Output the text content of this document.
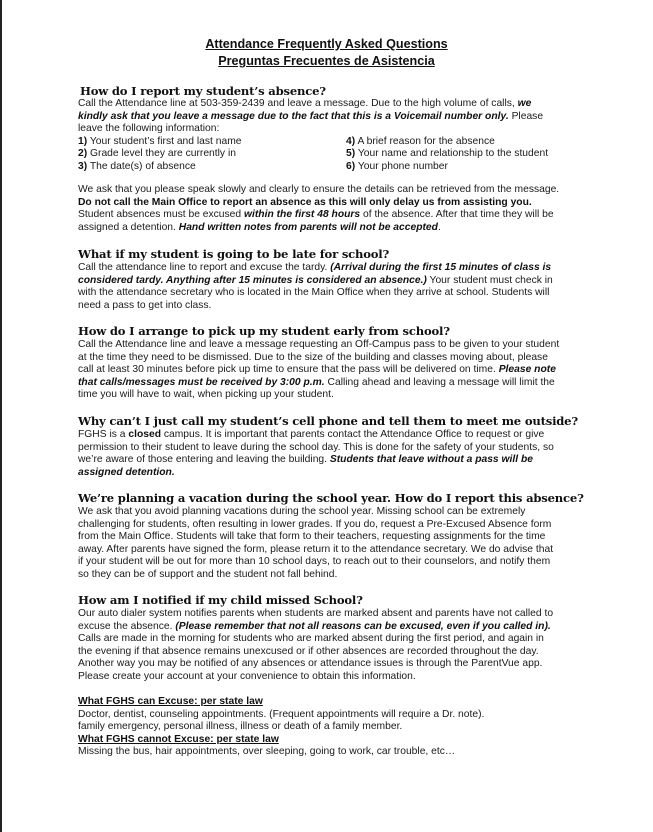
Attendance Frequently Asked Questions
Preguntas Frecuentes de Asistencia
How do I report my student’s absence?
Call the Attendance line at 503-359-2439 and leave a message. Due to the high volume of calls, we
kindly ask that you leave a message due to the fact that this is a Voicemail number only. Please
leave the following information:
1) Your student’s first and last name
2) Grade level they are currently in
3) The date(s) of absence
4) A brief reason for the absence
5) Your name and relationship to the student
6) Your phone number
We ask that you please speak slowly and clearly to ensure the details can be retrieved from the message.
Do not call the Main Office to report an absence as this will only delay us from assisting you.
Student absences must be excused within the first 48 hours of the absence. After that time they will be
assigned a detention. Hand written notes from parents will not be accepted.
What if my student is going to be late for school?
Call the attendance line to report and excuse the tardy. (Arrival during the first 15 minutes of class is
considered tardy. Anything after 15 minutes is considered an absence.) Your student must check in
with the attendance secretary who is located in the Main Office when they arrive at school. Students will
need a pass to get into class.
How do I arrange to pick up my student early from school?
Call the Attendance line and leave a message requesting an Off-Campus pass to be given to your student
at the time they need to be dismissed. Due to the size of the building and classes moving about, please
call at least 30 minutes before pick up time to ensure that the pass will be delivered on time. Please note
that calls/messages must be received by 3:00 p.m. Calling ahead and leaving a message will limit the
time you will have to wait, when picking up your student.
Why can’t I just call my student’s cell phone and tell them to meet me outside?
FGHS is a closed campus. It is important that parents contact the Attendance Office to request or give
permission to their student to leave during the school day. This is done for the safety of your students, so
we’re aware of those entering and leaving the building. Students that leave without a pass will be
assigned detention.
We’re planning a vacation during the school year. How do I report this absence?
We ask that you avoid planning vacations during the school year. Missing school can be extremely
challenging for students, often resulting in lower grades. If you do, request a Pre-Excused Absence form
from the Main Office. Students will take that form to their teachers, requesting assignments for the time
away. After parents have signed the form, please return it to the attendance secretary. We do advise that
if your student will be out for more than 10 school days, to reach out to their counselors, and notify them
so they can be of support and the student not fall behind.
How am I notified if my child missed School?
Our auto dialer system notifies parents when students are marked absent and parents have not called to
excuse the absence. (Please remember that not all reasons can be excused, even if you called in).
Calls are made in the morning for students who are marked absent during the first period, and again in
the evening if that absence remains unexcused or if other absences are recorded throughout the day.
Another way you may be notified of any absences or attendance issues is through the ParentVue app.
Please create your account at your convenience to obtain this information.
What FGHS can Excuse: per state law
Doctor, dentist, counseling appointments. (Frequent appointments will require a Dr. note).
family emergency, personal illness, illness or death of a family member.
What FGHS cannot Excuse: per state law
Missing the bus, hair appointments, over sleeping, going to work, car trouble, etc…
